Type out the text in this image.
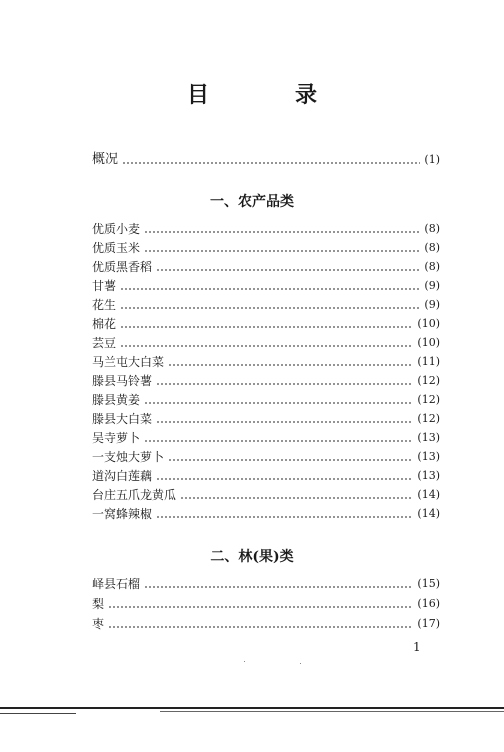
目　录
概况	(1)
一、农产品类
优质小麦	(8)
优质玉米	(8)
优质黑香稻	(8)
甘薯	(9)
花生	(9)
棉花	(10)
芸豆	(10)
马兰屯大白菜	(11)
滕县马铃薯	(12)
滕县黄姜	(12)
滕县大白菜	(12)
吴寺萝卜	(13)
一支烛大萝卜	(13)
道沟白莲藕	(13)
台庄五爪龙黄瓜	(14)
一窝蜂辣椒	(14)
二、林(果)类
峄县石榴	(15)
梨	(16)
枣	(17)
1
